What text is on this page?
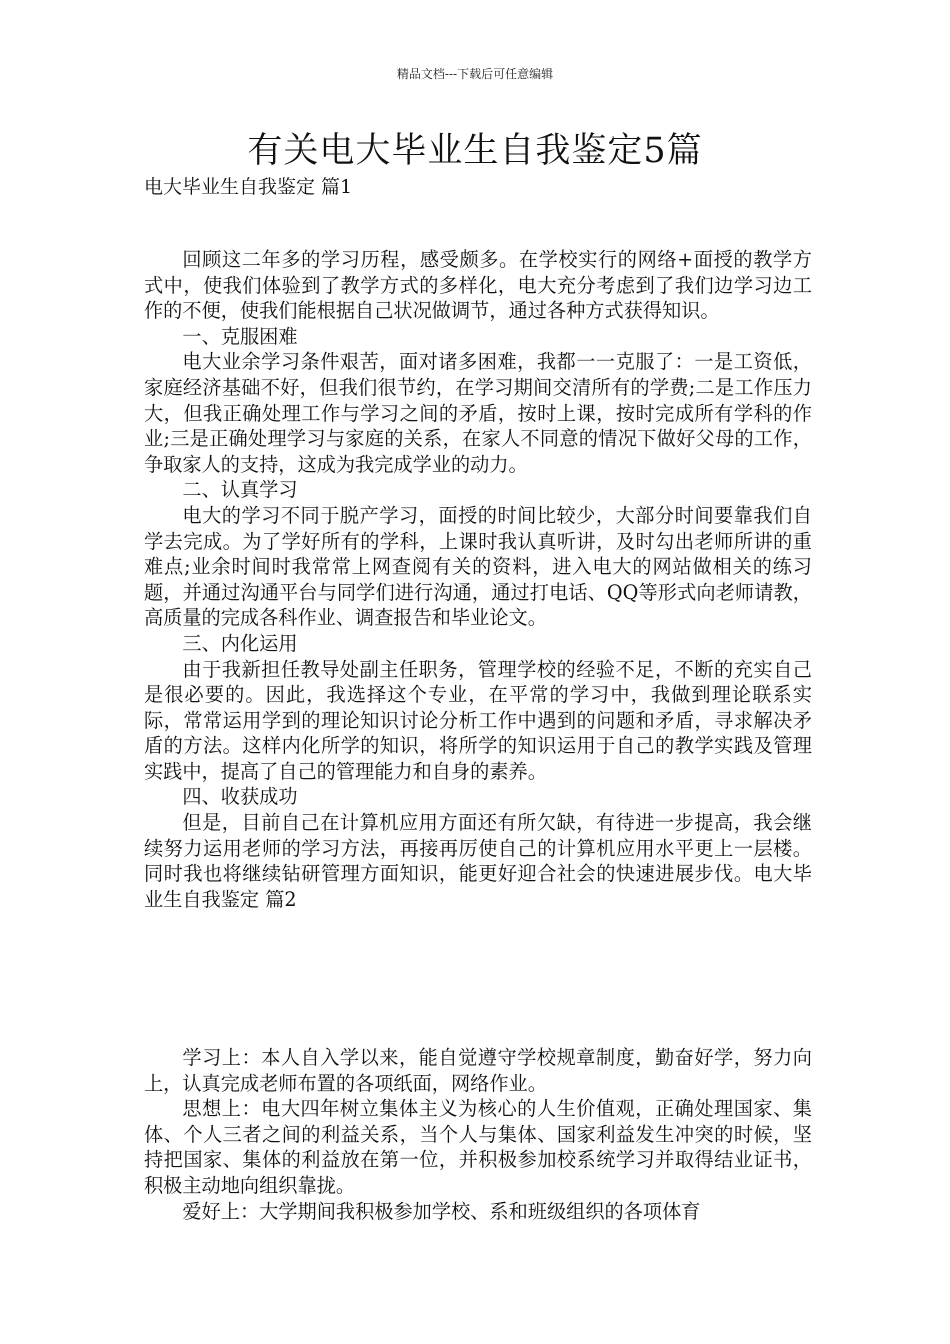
精品文档---下载后可任意编辑
有关电大毕业生自我鉴定5篇
电大毕业生自我鉴定 篇1

回顾这二年多的学习历程，感受颇多。在学校实行的网络+面授的教学方式中，使我们体验到了教学方式的多样化，电大充分考虑到了我们边学习边工作的不便，使我们能根据自己状况做调节，通过各种方式获得知识。

一、克服困难

电大业余学习条件艰苦，面对诸多困难，我都一一克服了：一是工资低，家庭经济基础不好，但我们很节约，在学习期间交清所有的学费;二是工作压力大，但我正确处理工作与学习之间的矛盾，按时上课，按时完成所有学科的作业;三是正确处理学习与家庭的关系，在家人不同意的情况下做好父母的工作，争取家人的支持，这成为我完成学业的动力。

二、认真学习

电大的学习不同于脱产学习，面授的时间比较少，大部分时间要靠我们自学去完成。为了学好所有的学科，上课时我认真听讲，及时勾出老师所讲的重难点;业余时间时我常常上网查阅有关的资料，进入电大的网站做相关的练习题，并通过沟通平台与同学们进行沟通，通过打电话、QQ等形式向老师请教，高质量的完成各科作业、调查报告和毕业论文。

三、内化运用

由于我新担任教导处副主任职务，管理学校的经验不足，不断的充实自己是很必要的。因此，我选择这个专业，在平常的学习中，我做到理论联系实际，常常运用学到的理论知识讨论分析工作中遇到的问题和矛盾，寻求解决矛盾的方法。这样内化所学的知识，将所学的知识运用于自己的教学实践及管理实践中，提高了自己的管理能力和自身的素养。

四、收获成功

但是，目前自己在计算机应用方面还有所欠缺，有待进一步提高，我会继续努力运用老师的学习方法，再接再厉使自己的计算机应用水平更上一层楼。同时我也将继续钻研管理方面知识，能更好迎合社会的快速进展步伐。电大毕业生自我鉴定 篇2

学习上：本人自入学以来，能自觉遵守学校规章制度，勤奋好学，努力向上，认真完成老师布置的各项纸面，网络作业。

思想上：电大四年树立集体主义为核心的人生价值观，正确处理国家、集体、个人三者之间的利益关系，当个人与集体、国家利益发生冲突的时候，坚持把国家、集体的利益放在第一位，并积极参加校系统学习并取得结业证书，积极主动地向组织靠拢。

爱好上：大学期间我积极参加学校、系和班级组织的各项体育
